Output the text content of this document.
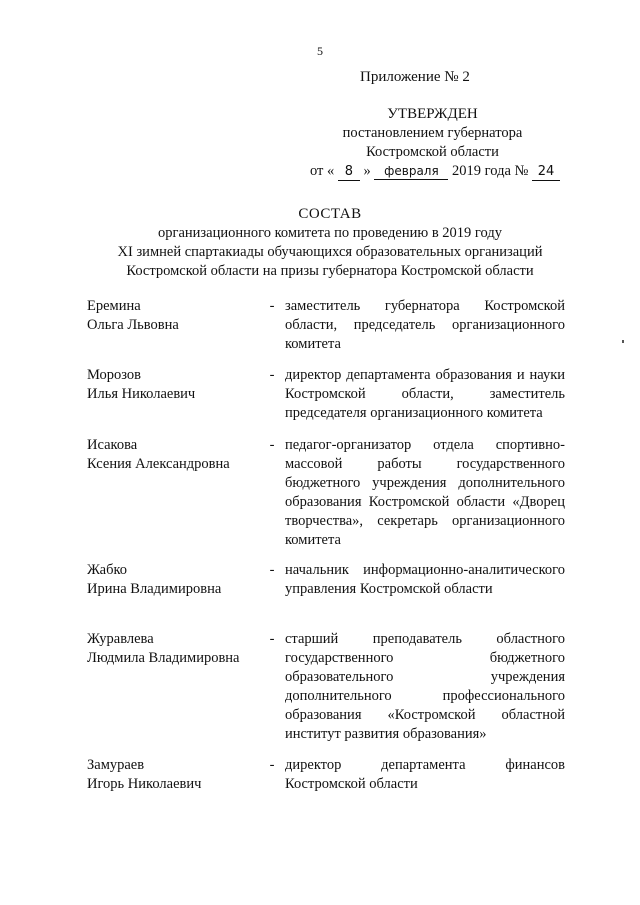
5
Приложение № 2
УТВЕРЖДЕН
постановлением губернатора
Костромской области
от « 8 » февраля 2019 года № 24
СОСТАВ
организационного комитета по проведению в 2019 году
XI зимней спартакиады обучающихся образовательных организаций
Костромской области на призы губернатора Костромской области
Еремина
Ольга Львовна
- заместитель губернатора Костромской области, председатель организационного комитета
Морозов
Илья Николаевич
- директор департамента образования и науки Костромской области, заместитель председателя организационного комитета
Исакова
Ксения Александровна
- педагог-организатор отдела спортивно-массовой работы государственного бюджетного учреждения дополнительного образования Костромской области «Дворец творчества», секретарь организационного комитета
Жабко
Ирина Владимировна
- начальник информационно-аналитического управления Костромской области
Журавлева
Людмила Владимировна
- старший преподаватель областного государственного бюджетного образовательного учреждения дополнительного профессионального образования «Костромской областной институт развития образования»
Замураев
Игорь Николаевич
- директор департамента финансов Костромской области
